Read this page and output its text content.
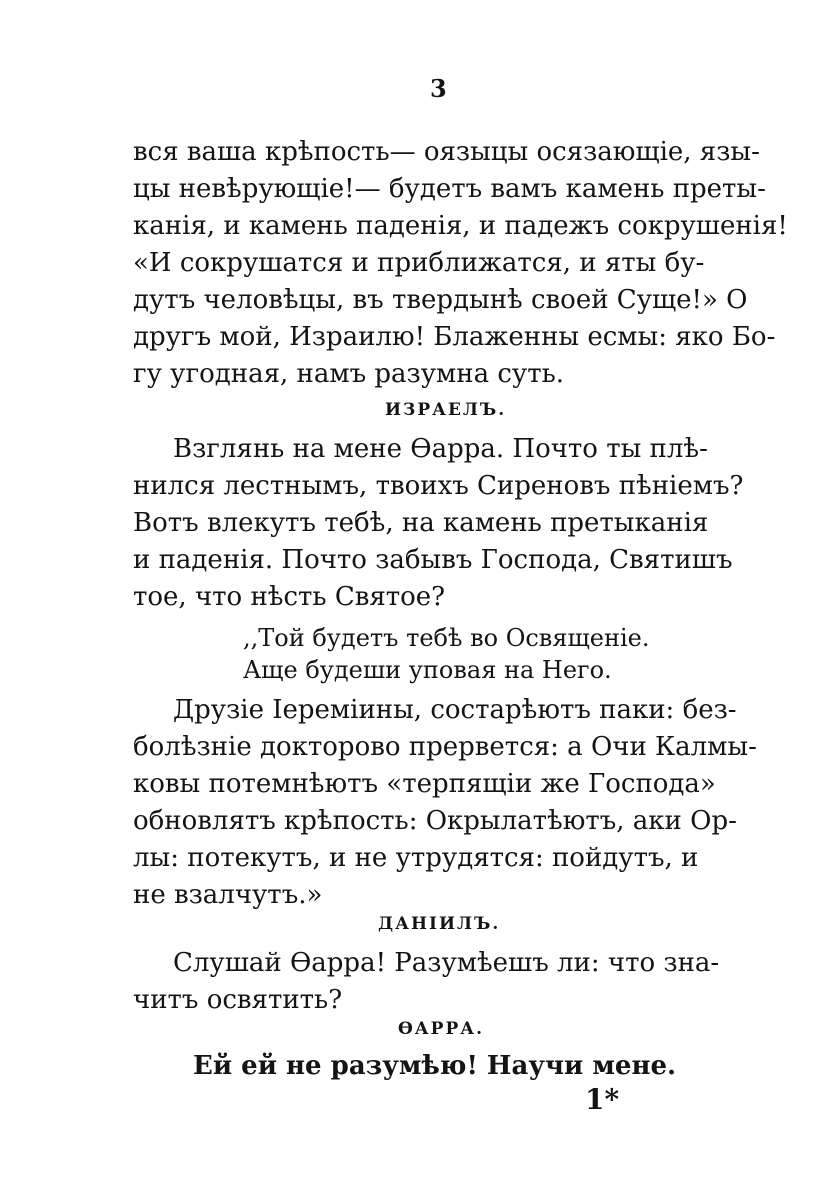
3
вся ваша крѣпость— оязыцы осязающіе, язы-
цы невѣрующіе!— будетъ вамъ камень преты-
канія, и камень паденія, и падежъ сокрушенія!
«И сокрушатся и приближатся, и яты бу-
дутъ человѣцы, въ твердынѣ своей Суще!» О
другъ мой, Израилю! Блаженны есмы: яко Бо-
гу угодная, намъ разумна суть.
ИЗРАЕЛЪ.
Взглянь на мене Өарра. Почто ты плѣ-
нился лестнымъ, твоихъ Сиреновъ пѣніемъ?
Вотъ влекутъ тебѣ, на камень претыканія
и паденія. Почто забывъ Господа, Святишъ
тое, что нѣсть Святое?
,,Той будетъ тебѣ во Освященіе.
Аще будеши уповая на Него.
Друзіе Іереміины, состарѣютъ паки: без-
болѣзніе докторово прервется: а Очи Калмы-
ковы потемнѣютъ «терпящіи же Господа»
обновлятъ крѣпость: Окрылатѣютъ, аки Ор-
лы: потекутъ, и не утрудятся: пойдутъ, и
не взалчутъ.»
ДАНІИЛЪ.
Слушай Өарра! Разумѣешъ ли: что зна-
читъ освятить?
ӨАРРА.
Ей ей не разумѣю! Научи мене.
1*
